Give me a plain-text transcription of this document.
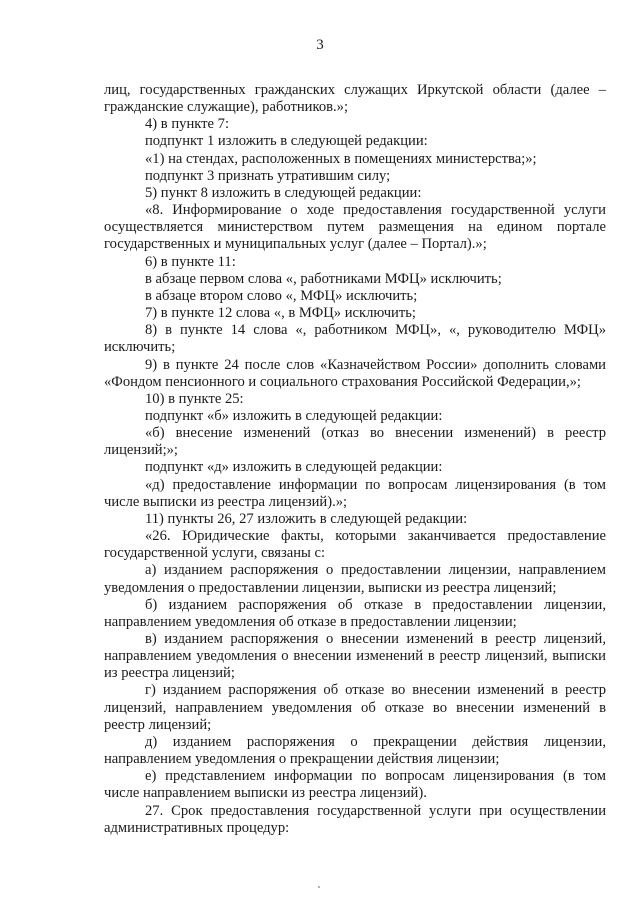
3

лиц, государственных гражданских служащих Иркутской области (далее – гражданские служащие), работников.»;

4) в пункте 7:

подпункт 1 изложить в следующей редакции:

«1) на стендах, расположенных в помещениях министерства;»;

подпункт 3 признать утратившим силу;

5) пункт 8 изложить в следующей редакции:

«8. Информирование о ходе предоставления государственной услуги осуществляется министерством путем размещения на едином портале государственных и муниципальных услуг (далее – Портал).»;

6) в пункте 11:

в абзаце первом слова «, работниками МФЦ» исключить;

в абзаце втором слово «, МФЦ» исключить;

7) в пункте 12 слова «, в МФЦ» исключить;

8) в пункте 14 слова «, работником МФЦ», «, руководителю МФЦ» исключить;

9) в пункте 24 после слов «Казначейством России» дополнить словами «Фондом пенсионного и социального страхования Российской Федерации,»;

10) в пункте 25:

подпункт «б» изложить в следующей редакции:

«б) внесение изменений (отказ во внесении изменений) в реестр лицензий;»;

подпункт «д» изложить в следующей редакции:

«д) предоставление информации по вопросам лицензирования (в том числе выписки из реестра лицензий).»;

11) пункты 26, 27 изложить в следующей редакции:

«26. Юридические факты, которыми заканчивается предоставление государственной услуги, связаны с:

а) изданием распоряжения о предоставлении лицензии, направлением уведомления о предоставлении лицензии, выписки из реестра лицензий;

б) изданием распоряжения об отказе в предоставлении лицензии, направлением уведомления об отказе в предоставлении лицензии;

в) изданием распоряжения о внесении изменений в реестр лицензий, направлением уведомления о внесении изменений в реестр лицензий, выписки из реестра лицензий;

г) изданием распоряжения об отказе во внесении изменений в реестр лицензий, направлением уведомления об отказе во внесении изменений в реестр лицензий;

д) изданием распоряжения о прекращении действия лицензии, направлением уведомления о прекращении действия лицензии;

е) представлением информации по вопросам лицензирования (в том числе направлением выписки из реестра лицензий).

27. Срок предоставления государственной услуги при осуществлении административных процедур:
